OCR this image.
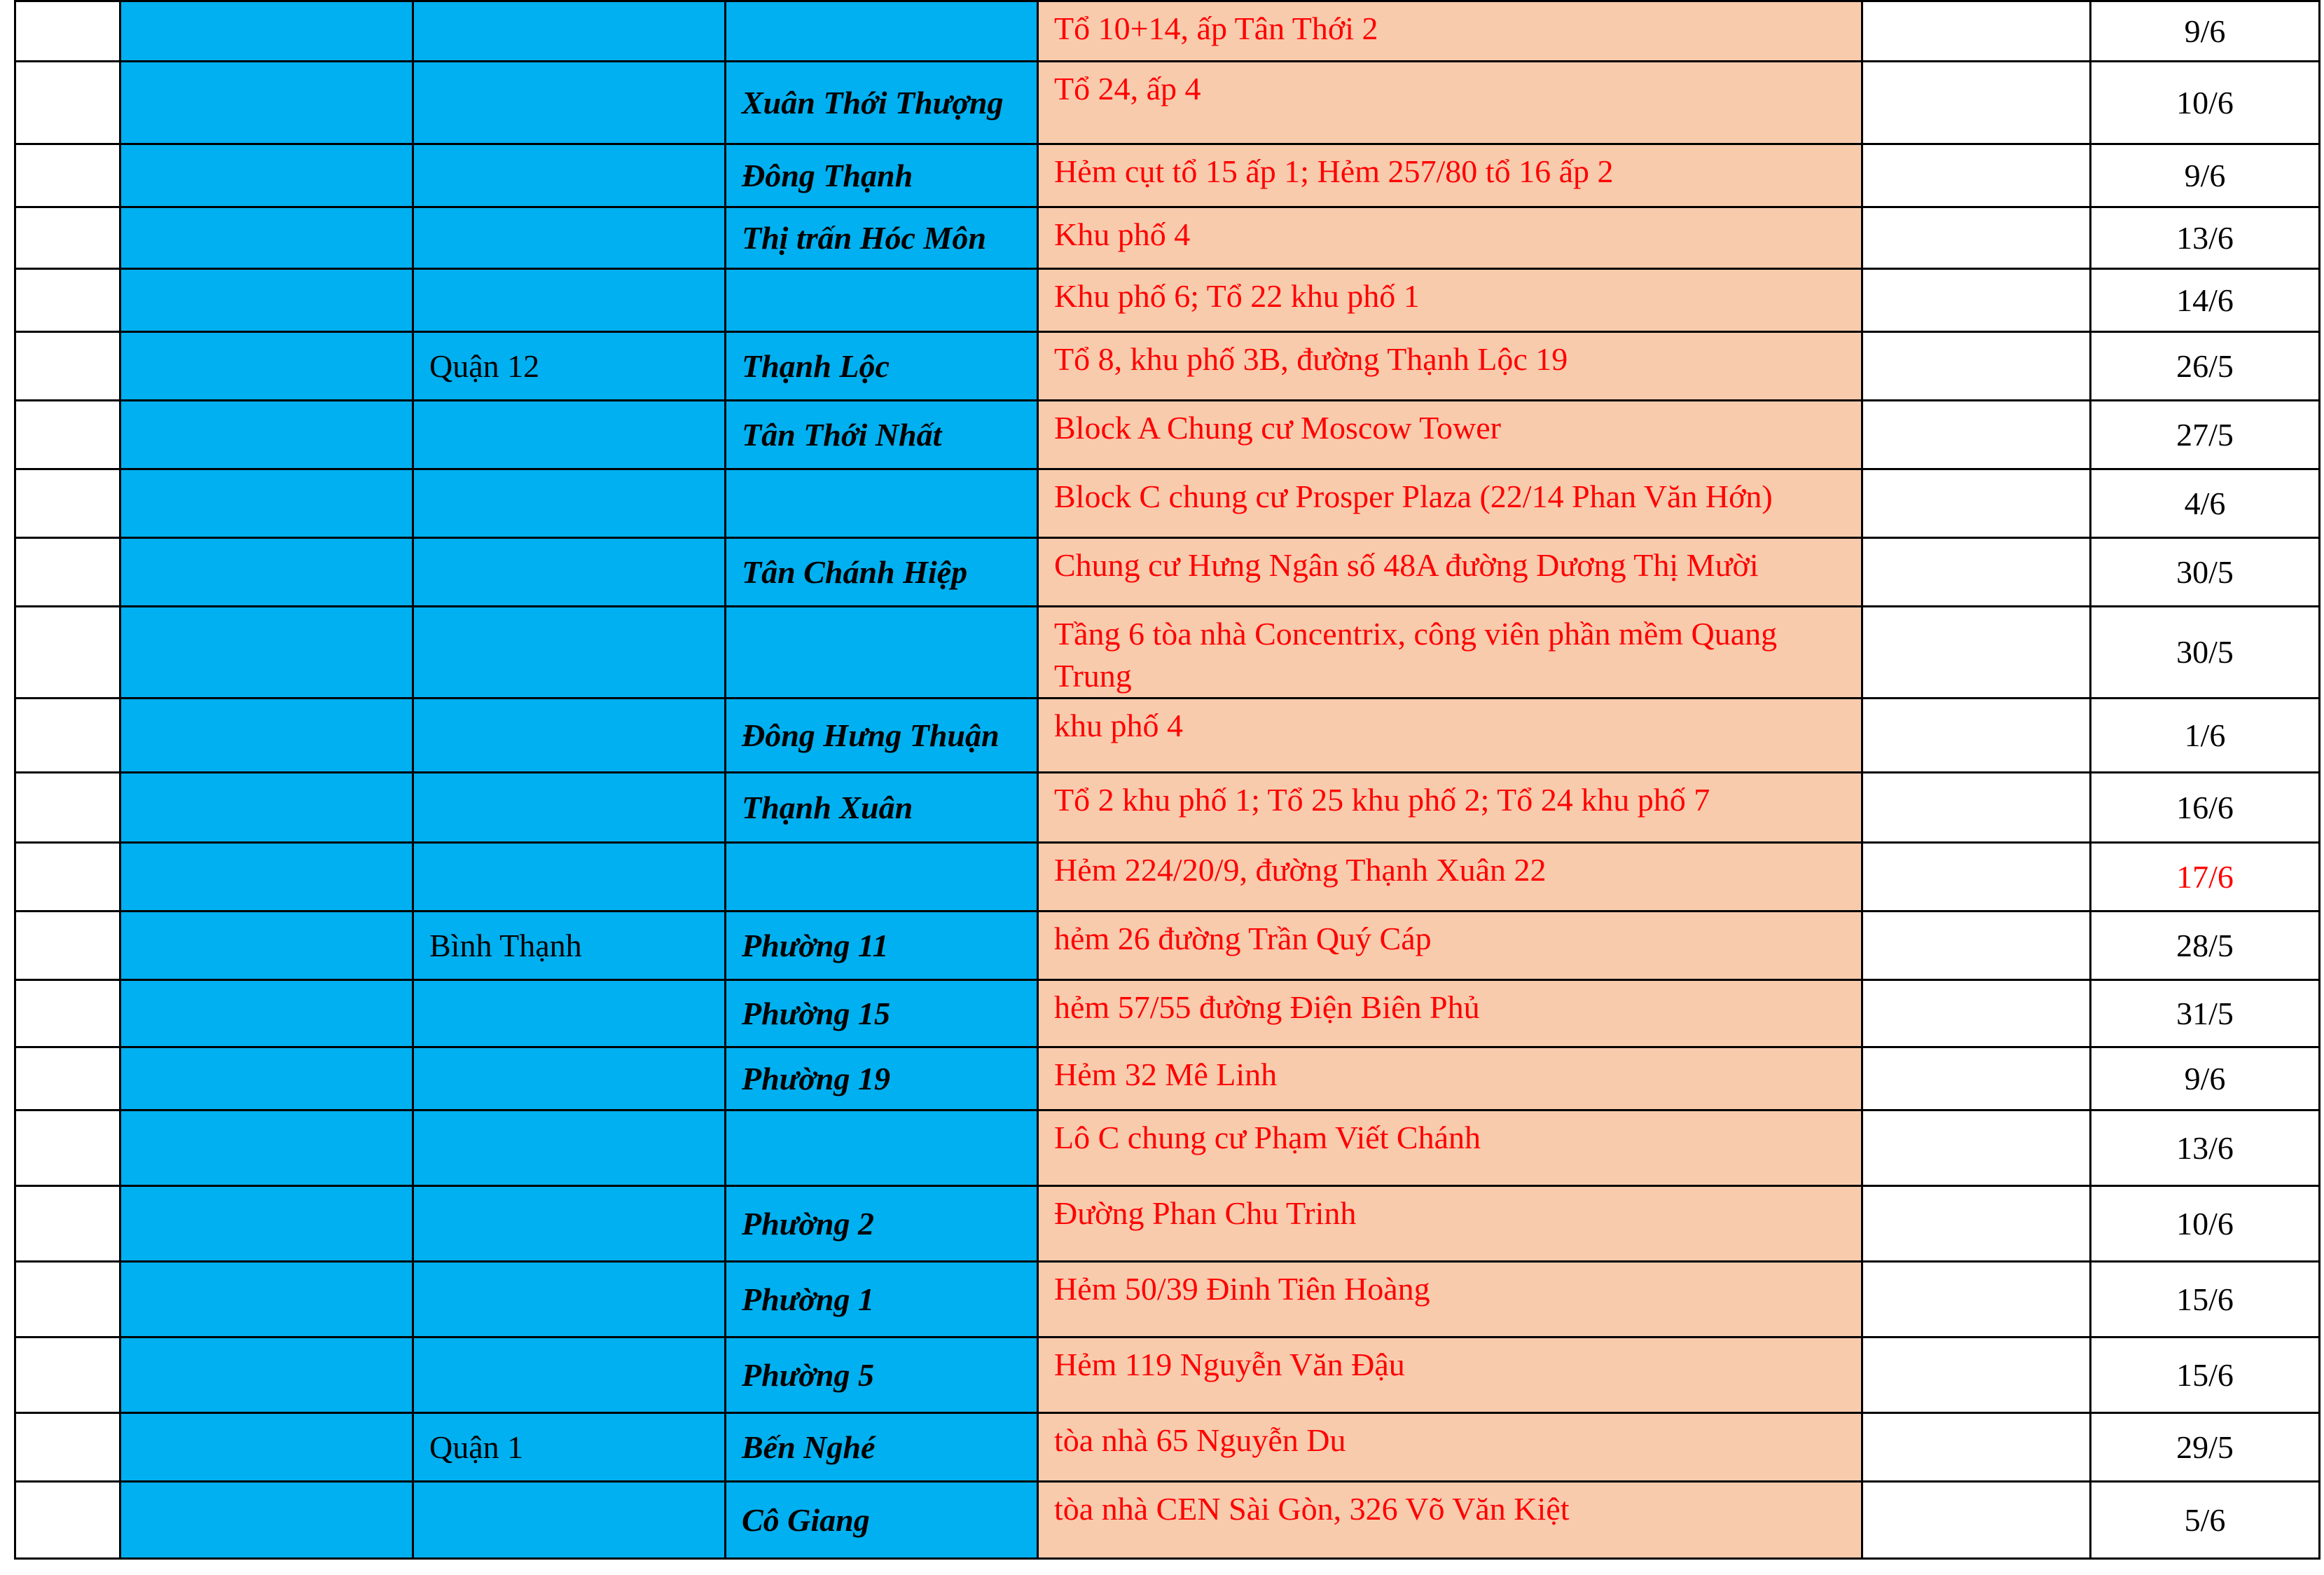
				Tổ 10+14, ấp Tân Thới 2		9/6
			Xuân Thới Thượng	Tổ 24, ấp 4		10/6
			Đông Thạnh	Hẻm cụt tổ 15 ấp 1; Hẻm 257/80 tổ 16 ấp 2		9/6
			Thị trấn Hóc Môn	Khu phố 4		13/6
				Khu phố 6; Tổ 22 khu phố 1		14/6
		Quận 12	Thạnh Lộc	Tổ 8, khu phố 3B, đường Thạnh Lộc 19		26/5
			Tân Thới Nhất	Block A Chung cư Moscow Tower		27/5
				Block C chung cư Prosper Plaza (22/14 Phan Văn Hớn)		4/6
			Tân Chánh Hiệp	Chung cư Hưng Ngân số 48A đường Dương Thị Mười		30/5
				Tầng 6 tòa nhà Concentrix, công viên phần mềm Quang Trung		30/5
			Đông Hưng Thuận	khu phố 4		1/6
			Thạnh Xuân	Tổ 2 khu phố 1; Tổ 25 khu phố 2; Tổ 24 khu phố 7		16/6
				Hẻm 224/20/9, đường Thạnh Xuân 22		17/6
		Bình Thạnh	Phường 11	hẻm 26 đường Trần Quý Cáp		28/5
			Phường 15	hẻm 57/55 đường Điện Biên Phủ		31/5
			Phường 19	Hẻm 32 Mê Linh		9/6
				Lô C chung cư Phạm Viết Chánh		13/6
			Phường 2	Đường Phan Chu Trinh		10/6
			Phường 1	Hẻm 50/39 Đinh Tiên Hoàng		15/6
			Phường 5	Hẻm 119 Nguyễn Văn Đậu		15/6
		Quận 1	Bến Nghé	tòa nhà 65 Nguyễn Du		29/5
			Cô Giang	tòa nhà CEN Sài Gòn, 326 Võ Văn Kiệt		5/6
